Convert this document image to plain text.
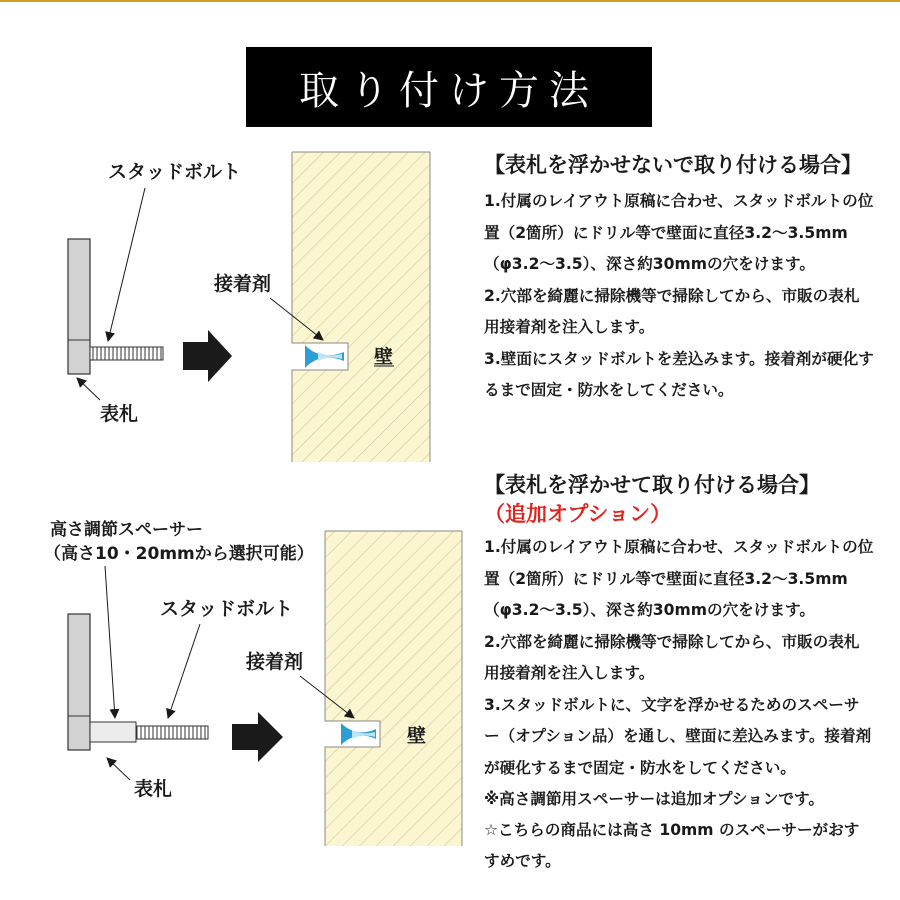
取り付け方法
スタッドボルト
表札
接着剤
壁
高さ調節スペーサー
（高さ10・20mmから選択可能）
スタッドボルト
表札
接着剤
壁
【表札を浮かせないで取り付ける場合】

1.付属のレイアウト原稿に合わせ、スタッドボルトの位置（2箇所）にドリル等で壁面に直径3.2〜3.5mm（φ3.2〜3.5）、深さ約30mmの穴をけます。

2.穴部を綺麗に掃除機等で掃除してから、市販の表札用接着剤を注入します。

3.壁面にスタッドボルトを差込みます。接着剤が硬化するまで固定・防水をしてください。

【表札を浮かせて取り付ける場合】
（追加オプション）

1.付属のレイアウト原稿に合わせ、スタッドボルトの位置（2箇所）にドリル等で壁面に直径3.2〜3.5mm（φ3.2〜3.5）、深さ約30mmの穴をけます。

2.穴部を綺麗に掃除機等で掃除してから、市販の表札用接着剤を注入します。

3.スタッドボルトに、文字を浮かせるためのスペーサー（オプション品）を通し、壁面に差込みます。接着剤が硬化するまで固定・防水をしてください。

※高さ調節用スペーサーは追加オプションです。

☆こちらの商品には高さ 10mm のスペーサーがおすすめです。
